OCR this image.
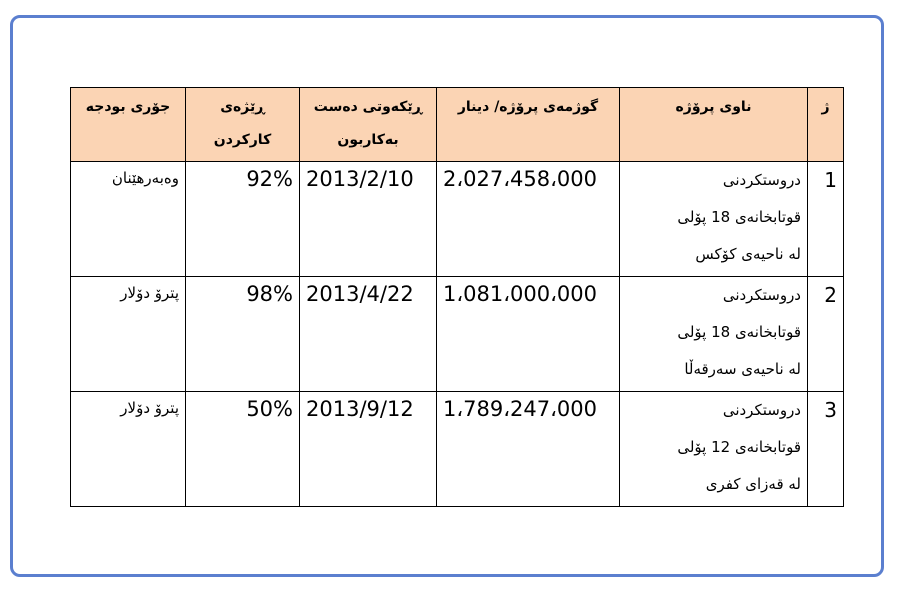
ژ	ناوی پرۆژە	گوژمەی پرۆژە/ دینار	ڕێکەوتی دەست بەکاربون	ڕێژەی کارکردن	جۆری بودجە
1	دروستکردنی
قوتابخانەی 18 پۆلی
لە ناحیەی کۆکس	2،027،458،000	2013/2/10	92%	وەبەرهێنان
2	دروستکردنی
قوتابخانەی 18 پۆلی
لە ناحیەی سەرقەڵا	1،081،000،000	2013/4/22	98%	پترۆ دۆلار
3	دروستکردنی
قوتابخانەی 12 پۆلی
لە قەزای کفری	1،789،247،000	2013/9/12	50%	پترۆ دۆلار
